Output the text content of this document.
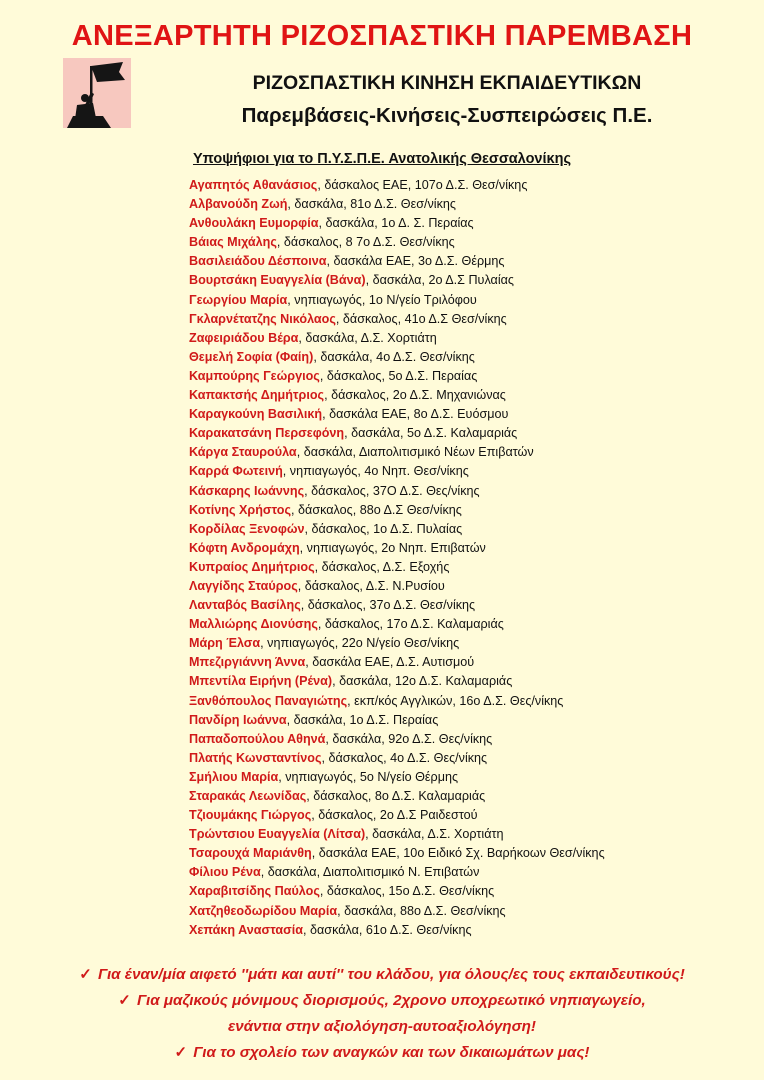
ΑΝΕΞΑΡΤΗΤΗ ΡΙΖΟΣΠΑΣΤΙΚΗ ΠΑΡΕΜΒΑΣΗ
ΡΙΖΟΣΠΑΣΤΙΚΗ ΚΙΝΗΣΗ ΕΚΠΑΙΔΕΥΤΙΚΩΝ
Παρεμβάσεις-Κινήσεις-Συσπειρώσεις Π.Ε.
Υποψήφιοι για το Π.Υ.Σ.Π.Ε. Ανατολικής Θεσσαλονίκης
Αγαπητός Αθανάσιος, δάσκαλος ΕΑΕ, 107ο Δ.Σ. Θεσ/νίκης
Αλβανούδη Ζωή, δασκάλα, 81ο Δ.Σ. Θεσ/νίκης
Ανθουλάκη Ευμορφία, δασκάλα, 1ο Δ. Σ. Περαίας
Βάιας Μιχάλης, δάσκαλος, 8 7ο Δ.Σ. Θεσ/νίκης
Βασιλειάδου Δέσποινα, δασκάλα ΕΑΕ, 3ο Δ.Σ. Θέρμης
Βουρτσάκη Ευαγγελία (Βάνα), δασκάλα, 2ο Δ.Σ Πυλαίας
Γεωργίου Μαρία, νηπιαγωγός, 1ο Ν/γείο Τριλόφου
Γκλαρνέτατζης Νικόλαος, δάσκαλος, 41ο Δ.Σ Θεσ/νίκης
Ζαφειριάδου Βέρα, δασκάλα, Δ.Σ. Χορτιάτη
Θεμελή Σοφία (Φαίη), δασκάλα, 4ο Δ.Σ. Θεσ/νίκης
Καμπούρης Γεώργιος, δάσκαλος, 5ο Δ.Σ. Περαίας
Καπακτσής Δημήτριος, δάσκαλος, 2ο Δ.Σ. Μηχανιώνας
Καραγκούνη Βασιλική, δασκάλα ΕΑΕ, 8ο Δ.Σ. Ευόσμου
Καρακατσάνη Περσεφόνη, δασκάλα, 5ο Δ.Σ. Καλαμαριάς
Κάργα Σταυρούλα, δασκάλα, Διαπολιτισμικό Νέων Επιβατών
Καρρά Φωτεινή, νηπιαγωγός, 4ο Νηπ. Θεσ/νίκης
Κάσκαρης Ιωάννης, δάσκαλος, 37Ο Δ.Σ. Θες/νίκης
Κοτίνης Χρήστος, δάσκαλος, 88ο Δ.Σ Θεσ/νίκης
Κορδίλας Ξενοφών, δάσκαλος, 1ο Δ.Σ. Πυλαίας
Κόφτη Ανδρομάχη, νηπιαγωγός, 2ο Νηπ. Επιβατών
Κυπραίος Δημήτριος, δάσκαλος, Δ.Σ. Εξοχής
Λαγγίδης Σταύρος, δάσκαλος, Δ.Σ. Ν.Ρυσίου
Λανταβός Βασίλης, δάσκαλος, 37ο Δ.Σ. Θεσ/νίκης
Μαλλιώρης Διονύσης, δάσκαλος, 17ο Δ.Σ. Καλαμαριάς
Μάρη Έλσα, νηπιαγωγός, 22ο Ν/γείο Θεσ/νίκης
Μπεζιργιάννη Άννα, δασκάλα ΕΑΕ, Δ.Σ. Αυτισμού
Μπεντίλα Ειρήνη (Ρένα), δασκάλα, 12ο Δ.Σ. Καλαμαριάς
Ξανθόπουλος Παναγιώτης, εκπ/κός Αγγλικών, 16ο Δ.Σ. Θες/νίκης
Πανδίρη Ιωάννα, δασκάλα, 1ο Δ.Σ. Περαίας
Παπαδοπούλου Αθηνά, δασκάλα, 92ο Δ.Σ. Θες/νίκης
Πλατής Κωνσταντίνος, δάσκαλος, 4ο Δ.Σ. Θες/νίκης
Σμήλιου Μαρία, νηπιαγωγός, 5ο Ν/γείο Θέρμης
Σταρακάς Λεωνίδας, δάσκαλος, 8ο Δ.Σ. Καλαμαριάς
Τζιουμάκης Γιώργος, δάσκαλος, 2ο Δ.Σ Ραιδεστού
Τρώντσιου Ευαγγελία (Λίτσα), δασκάλα, Δ.Σ. Χορτιάτη
Τσαρουχά Μαριάνθη, δασκάλα ΕΑΕ, 10ο Ειδικό Σχ. Βαρήκοων Θεσ/νίκης
Φίλιου Ρένα, δασκάλα, Διαπολιτισμικό Ν. Επιβατών
Χαραβιτσίδης Παύλος, δάσκαλος, 15ο Δ.Σ. Θεσ/νίκης
Χατζηθεοδωρίδου Μαρία, δασκάλα, 88ο Δ.Σ. Θεσ/νίκης
Χεπάκη Αναστασία, δασκάλα, 61ο Δ.Σ. Θεσ/νίκης
✓ Για έναν/μία αιφετό ''μάτι και αυτί'' του κλάδου, για όλους/ες τους εκπαιδευτικούς!
✓ Για μαζικούς μόνιμους διορισμούς, 2χρονο υποχρεωτικό νηπιαγωγείο,
ενάντια στην αξιολόγηση-αυτοαξιολόγηση!
✓ Για το σχολείο των αναγκών και των δικαιωμάτων μας!
